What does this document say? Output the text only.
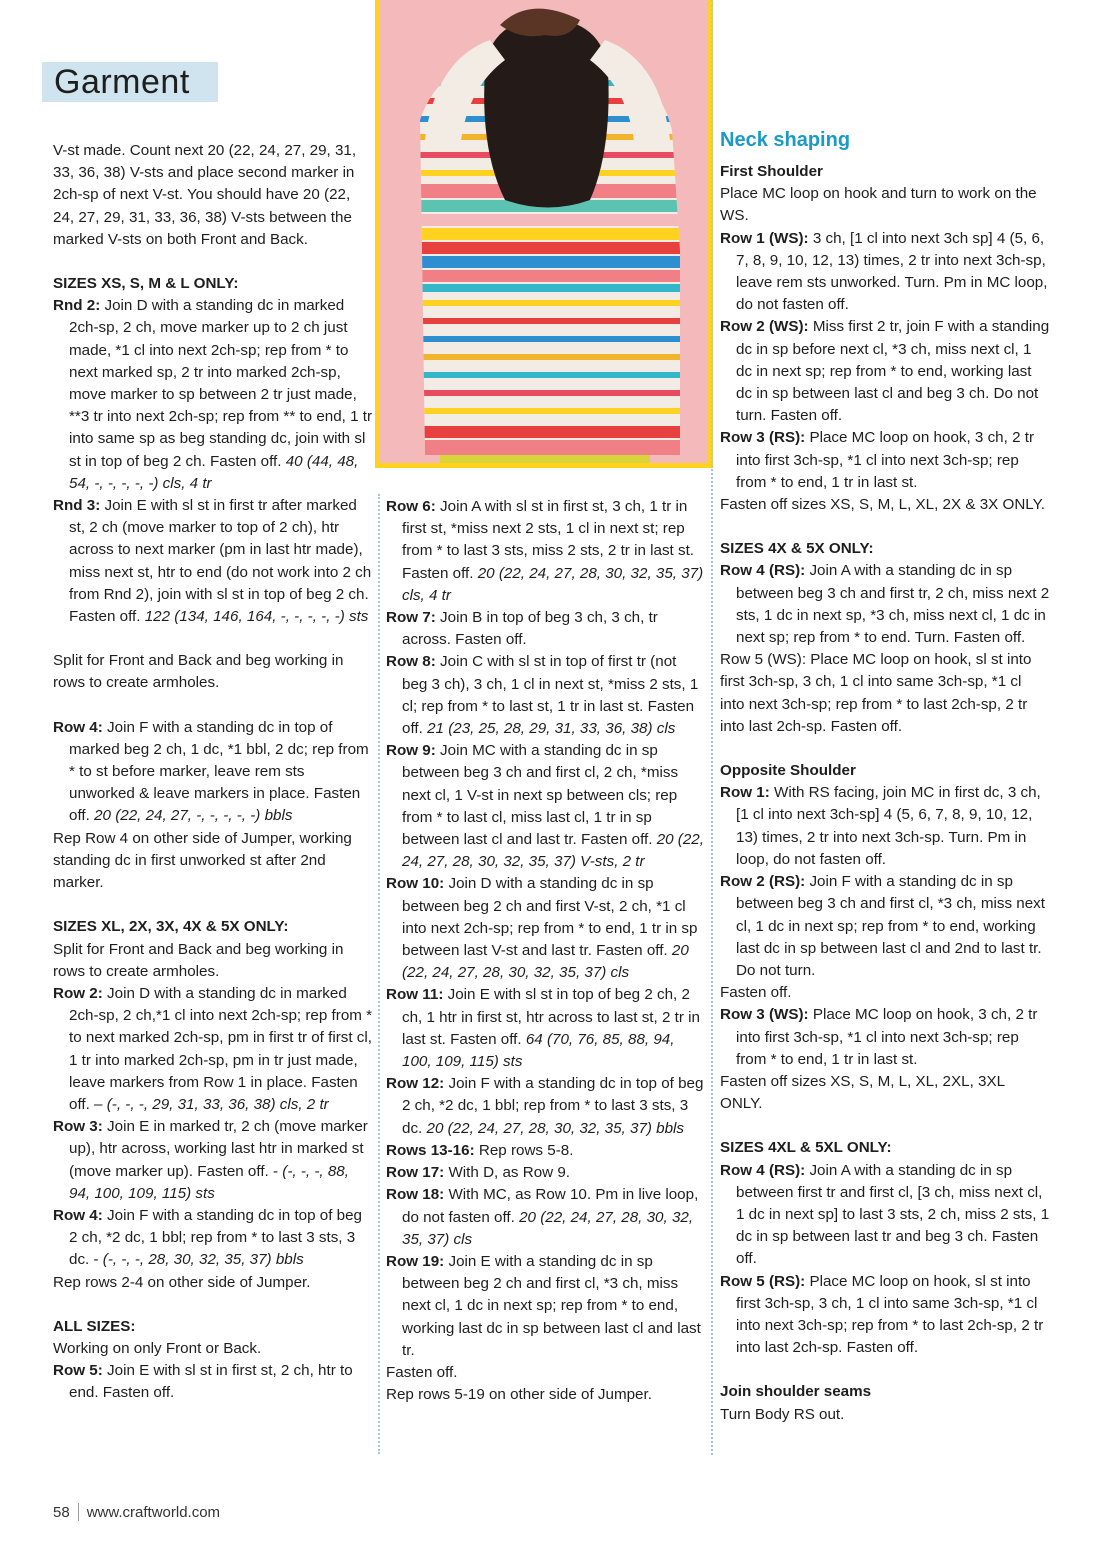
Garment

V-st made. Count next 20 (22, 24, 27, 29, 31, 33, 36, 38) V-sts and place second marker in 2ch-sp of next V-st. You should have 20 (22, 24, 27, 29, 31, 33, 36, 38) V-sts between the marked V-sts on both Front and Back.

SIZES XS, S, M & L ONLY:

Rnd 2: Join D with a standing dc in marked 2ch-sp, 2 ch, move marker up to 2 ch just made, *1 cl into next 2ch-sp; rep from * to next marked sp, 2 tr into marked 2ch-sp, move marker to sp between 2 tr just made, **3 tr into next 2ch-sp; rep from ** to end, 1 tr into same sp as beg standing dc, join with sl st in top of beg 2 ch. Fasten off. 40 (44, 48, 54, -, -, -, -, -) cls, 4 tr

Rnd 3: Join E with sl st in first tr after marked st, 2 ch (move marker to top of 2 ch), htr across to next marker (pm in last htr made), miss next st, htr to end (do not work into 2 ch from Rnd 2), join with sl st in top of beg 2 ch. Fasten off. 122 (134, 146, 164, -, -, -, -, -) sts

Split for Front and Back and beg working in rows to create armholes.

Row 4: Join F with a standing dc in top of marked beg 2 ch, 1 dc, *1 bbl, 2 dc; rep from * to st before marker, leave rem sts unworked & leave markers in place. Fasten off. 20 (22, 24, 27, -, -, -, -, -) bbls

Rep Row 4 on other side of Jumper, working standing dc in first unworked st after 2nd marker.

SIZES XL, 2X, 3X, 4X & 5X ONLY:

Split for Front and Back and beg working in rows to create armholes.

Row 2: Join D with a standing dc in marked 2ch-sp, 2 ch,*1 cl into next 2ch-sp; rep from * to next marked 2ch-sp, pm in first tr of first cl, 1 tr into marked 2ch-sp, pm in tr just made, leave markers from Row 1 in place. Fasten off. – (-, -, -, 29, 31, 33, 36, 38) cls, 2 tr

Row 3: Join E in marked tr, 2 ch (move marker up), htr across, working last htr in marked st (move marker up). Fasten off. - (-, -, -, 88, 94, 100, 109, 115) sts

Row 4: Join F with a standing dc in top of beg 2 ch, *2 dc, 1 bbl; rep from * to last 3 sts, 3 dc. - (-, -, -, 28, 30, 32, 35, 37) bbls

Rep rows 2-4 on other side of Jumper.

ALL SIZES:

Working on only Front or Back.

Row 5: Join E with sl st in first st, 2 ch, htr to end. Fasten off.

Row 6: Join A with sl st in first st, 3 ch, 1 tr in first st, *miss next 2 sts, 1 cl in next st; rep from * to last 3 sts, miss 2 sts, 2 tr in last st. Fasten off. 20 (22, 24, 27, 28, 30, 32, 35, 37) cls, 4 tr

Row 7: Join B in top of beg 3 ch, 3 ch, tr across. Fasten off.

Row 8: Join C with sl st in top of first tr (not beg 3 ch), 3 ch, 1 cl in next st, *miss 2 sts, 1 cl; rep from * to last st, 1 tr in last st. Fasten off. 21 (23, 25, 28, 29, 31, 33, 36, 38) cls

Row 9: Join MC with a standing dc in sp between beg 3 ch and first cl, 2 ch, *miss next cl, 1 V-st in next sp between cls; rep from * to last cl, miss last cl, 1 tr in sp between last cl and last tr. Fasten off. 20 (22, 24, 27, 28, 30, 32, 35, 37) V-sts, 2 tr

Row 10: Join D with a standing dc in sp between beg 2 ch and first V-st, 2 ch, *1 cl into next 2ch-sp; rep from * to end, 1 tr in sp between last V-st and last tr. Fasten off. 20 (22, 24, 27, 28, 30, 32, 35, 37) cls

Row 11: Join E with sl st in top of beg 2 ch, 2 ch, 1 htr in first st, htr across to last st, 2 tr in last st. Fasten off. 64 (70, 76, 85, 88, 94, 100, 109, 115) sts

Row 12: Join F with a standing dc in top of beg 2 ch, *2 dc, 1 bbl; rep from * to last 3 sts, 3 dc. 20 (22, 24, 27, 28, 30, 32, 35, 37) bbls

Rows 13-16: Rep rows 5-8.

Row 17: With D, as Row 9.

Row 18: With MC, as Row 10. Pm in live loop, do not fasten off. 20 (22, 24, 27, 28, 30, 32, 35, 37) cls

Row 19: Join E with a standing dc in sp between beg 2 ch and first cl, *3 ch, miss next cl, 1 dc in next sp; rep from * to end, working last dc in sp between last cl and last tr.

Fasten off.

Rep rows 5-19 on other side of Jumper.

Neck shaping

First Shoulder

Place MC loop on hook and turn to work on the WS.

Row 1 (WS): 3 ch, [1 cl into next 3ch sp] 4 (5, 6, 7, 8, 9, 10, 12, 13) times, 2 tr into next 3ch-sp, leave rem sts unworked. Turn. Pm in MC loop, do not fasten off.

Row 2 (WS): Miss first 2 tr, join F with a standing dc in sp before next cl, *3 ch, miss next cl, 1 dc in next sp; rep from * to end, working last dc in sp between last cl and beg 3 ch. Do not turn. Fasten off.

Row 3 (RS): Place MC loop on hook, 3 ch, 2 tr into first 3ch-sp, *1 cl into next 3ch-sp; rep from * to end, 1 tr in last st.

Fasten off sizes XS, S, M, L, XL, 2X & 3X ONLY.

SIZES 4X & 5X ONLY:

Row 4 (RS): Join A with a standing dc in sp between beg 3 ch and first tr, 2 ch, miss next 2 sts, 1 dc in next sp, *3 ch, miss next cl, 1 dc in next sp; rep from * to end. Turn. Fasten off.

Row 5 (WS): Place MC loop on hook, sl st into first 3ch-sp, 3 ch, 1 cl into same 3ch-sp, *1 cl into next 3ch-sp; rep from * to last 2ch-sp, 2 tr into last 2ch-sp. Fasten off.

Opposite Shoulder

Row 1: With RS facing, join MC in first dc, 3 ch, [1 cl into next 3ch-sp] 4 (5, 6, 7, 8, 9, 10, 12, 13) times, 2 tr into next 3ch-sp. Turn. Pm in loop, do not fasten off.

Row 2 (RS): Join F with a standing dc in sp between beg 3 ch and first cl, *3 ch, miss next cl, 1 dc in next sp; rep from * to end, working last dc in sp between last cl and 2nd to last tr. Do not turn.

Fasten off.

Row 3 (WS): Place MC loop on hook, 3 ch, 2 tr into first 3ch-sp, *1 cl into next 3ch-sp; rep from * to end, 1 tr in last st.

Fasten off sizes XS, S, M, L, XL, 2XL, 3XL ONLY.

SIZES 4XL & 5XL ONLY:

Row 4 (RS): Join A with a standing dc in sp between first tr and first cl, [3 ch, miss next cl, 1 dc in next sp] to last 3 sts, 2 ch, miss 2 sts, 1 dc in sp between last tr and beg 3 ch. Fasten off.

Row 5 (RS): Place MC loop on hook, sl st into first 3ch-sp, 3 ch, 1 cl into same 3ch-sp, *1 cl into next 3ch-sp; rep from * to last 2ch-sp, 2 tr into last 2ch-sp. Fasten off.

Join shoulder seams

Turn Body RS out.

58 www.craftworld.com
